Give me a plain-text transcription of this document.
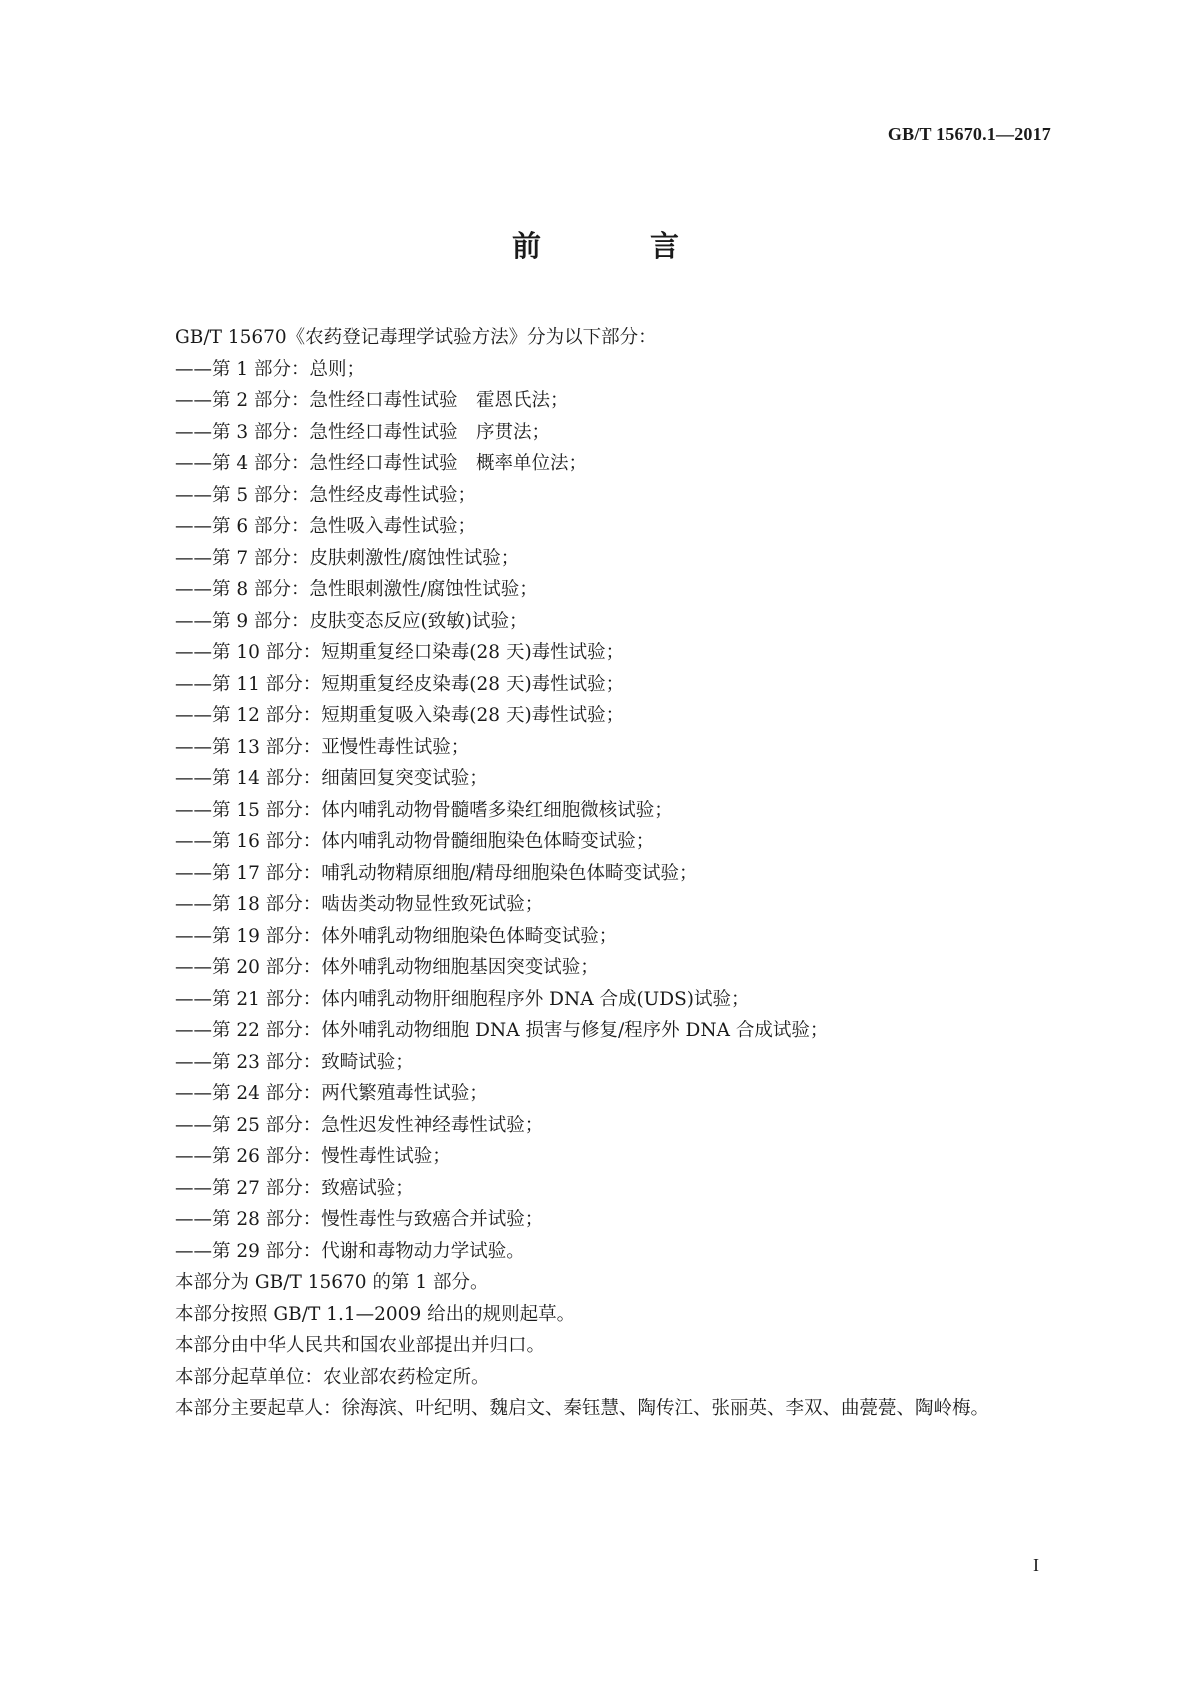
GB/T 15670.1—2017
前　言
GB/T 15670《农药登记毒理学试验方法》分为以下部分：
——第 1 部分：总则；
——第 2 部分：急性经口毒性试验　霍恩氏法；
——第 3 部分：急性经口毒性试验　序贯法；
——第 4 部分：急性经口毒性试验　概率单位法；
——第 5 部分：急性经皮毒性试验；
——第 6 部分：急性吸入毒性试验；
——第 7 部分：皮肤刺激性/腐蚀性试验；
——第 8 部分：急性眼刺激性/腐蚀性试验；
——第 9 部分：皮肤变态反应(致敏)试验；
——第 10 部分：短期重复经口染毒(28 天)毒性试验；
——第 11 部分：短期重复经皮染毒(28 天)毒性试验；
——第 12 部分：短期重复吸入染毒(28 天)毒性试验；
——第 13 部分：亚慢性毒性试验；
——第 14 部分：细菌回复突变试验；
——第 15 部分：体内哺乳动物骨髓嗜多染红细胞微核试验；
——第 16 部分：体内哺乳动物骨髓细胞染色体畸变试验；
——第 17 部分：哺乳动物精原细胞/精母细胞染色体畸变试验；
——第 18 部分：啮齿类动物显性致死试验；
——第 19 部分：体外哺乳动物细胞染色体畸变试验；
——第 20 部分：体外哺乳动物细胞基因突变试验；
——第 21 部分：体内哺乳动物肝细胞程序外 DNA 合成(UDS)试验；
——第 22 部分：体外哺乳动物细胞 DNA 损害与修复/程序外 DNA 合成试验；
——第 23 部分：致畸试验；
——第 24 部分：两代繁殖毒性试验；
——第 25 部分：急性迟发性神经毒性试验；
——第 26 部分：慢性毒性试验；
——第 27 部分：致癌试验；
——第 28 部分：慢性毒性与致癌合并试验；
——第 29 部分：代谢和毒物动力学试验。
本部分为 GB/T 15670 的第 1 部分。
本部分按照 GB/T 1.1—2009 给出的规则起草。
本部分由中华人民共和国农业部提出并归口。
本部分起草单位：农业部农药检定所。
本部分主要起草人：徐海滨、叶纪明、魏启文、秦钰慧、陶传江、张丽英、李双、曲甍甍、陶岭梅。
I
